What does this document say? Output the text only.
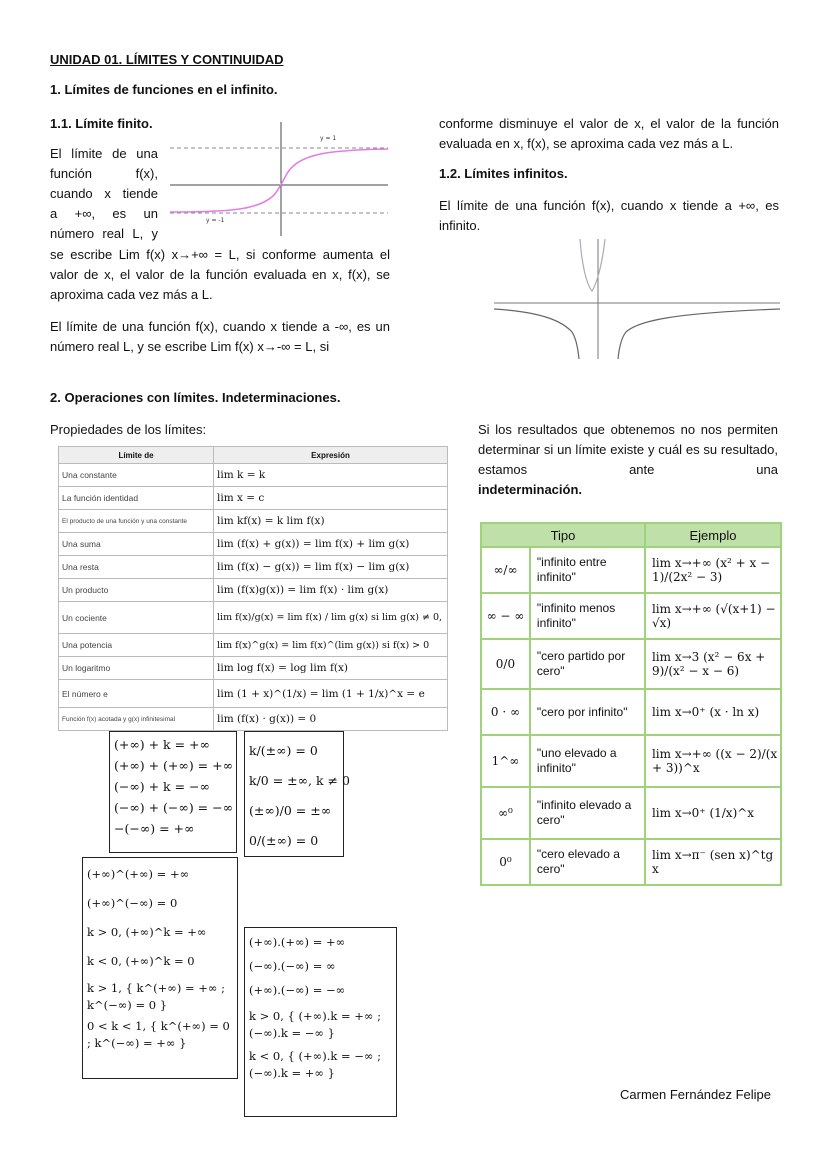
UNIDAD 01. LÍMITES Y CONTINUIDAD
1. Límites de funciones en el infinito.
1.1. Límite finito.
El límite de una
función f(x),
cuando x tiende
a +∞, es un
número real L, y
y = 1
y = -1
se escribe Lim f(x) x→+∞ = L, si conforme aumenta el valor de x, el valor de la función evaluada en x, f(x), se aproxima cada vez más a L.
El límite de una función f(x), cuando x tiende a -∞, es un número real L, y se escribe Lim f(x) x→-∞ = L, si
conforme disminuye el valor de x, el valor de la función evaluada en x, f(x), se aproxima cada vez más a L.
1.2. Límites infinitos.
El límite de una función f(x), cuando x tiende a +∞, es infinito.
2. Operaciones con límites. Indeterminaciones.
Propiedades de los límites:	Si los resultados que obtenemos no nos permiten determinar si un límite existe y cuál es su resultado, estamos ante una
indeterminación.
Límite de	Expresión
Una constante	lim k = k
La función identidad	lim x = c
El producto de una función y una constante	lim kf(x) = k lim f(x)
Una suma	lim (f(x) + g(x)) = lim f(x) + lim g(x)
Una resta	lim (f(x) − g(x)) = lim f(x) − lim g(x)
Un producto	lim (f(x)g(x)) = lim f(x) · lim g(x)
Un cociente	lim f(x)/g(x) = lim f(x) / lim g(x) si lim g(x) ≠ 0,
Una potencia	lim f(x)^g(x) = lim f(x)^(lim g(x)) si f(x) > 0
Un logaritmo	lim log f(x) = log lim f(x)
El número e	lim (1 + x)^(1/x) = lim (1 + 1/x)^x = e
Función f(x) acotada y g(x) infinitesimal	lim (f(x) · g(x)) = 0
Tipo		Ejemplo
∞/∞	"infinito entre infinito"	lim x→+∞ (x² + x − 1)/(2x² − 3)
∞ − ∞	"infinito menos infinito"	lim x→+∞ (√(x+1) − √x)
0/0	"cero partido por cero"	lim x→3 (x² − 6x + 9)/(x² − x − 6)
0 · ∞	"cero por infinito"	lim x→0⁺ (x · ln x)
1^∞	"uno elevado a infinito"	lim x→+∞ ((x − 2)/(x + 3))^x
∞⁰	"infinito elevado a cero"	lim x→0⁺ (1/x)^x
0⁰	"cero elevado a cero"	lim x→π⁻ (sen x)^tg x
(+∞) + k = +∞
(+∞) + (+∞) = +∞
(−∞) + k = −∞
(−∞) + (−∞) = −∞
−(−∞) = +∞
k/(±∞) = 0
k/0 = ±∞, k ≠ 0
(±∞)/0 = ±∞
0/(±∞) = 0
(+∞)^(+∞) = +∞
(+∞)^(−∞) = 0
k > 0, (+∞)^k = +∞
k < 0, (+∞)^k = 0
k > 1, { k^(+∞) = +∞ ; k^(−∞) = 0 }
0 < k < 1, { k^(+∞) = 0 ; k^(−∞) = +∞ }
(+∞).(+∞) = +∞
(−∞).(−∞) = ∞
(+∞).(−∞) = −∞
k > 0, { (+∞).k = +∞ ; (−∞).k = −∞ }
k < 0, { (+∞).k = −∞ ; (−∞).k = +∞ }
Carmen Fernández Felipe
